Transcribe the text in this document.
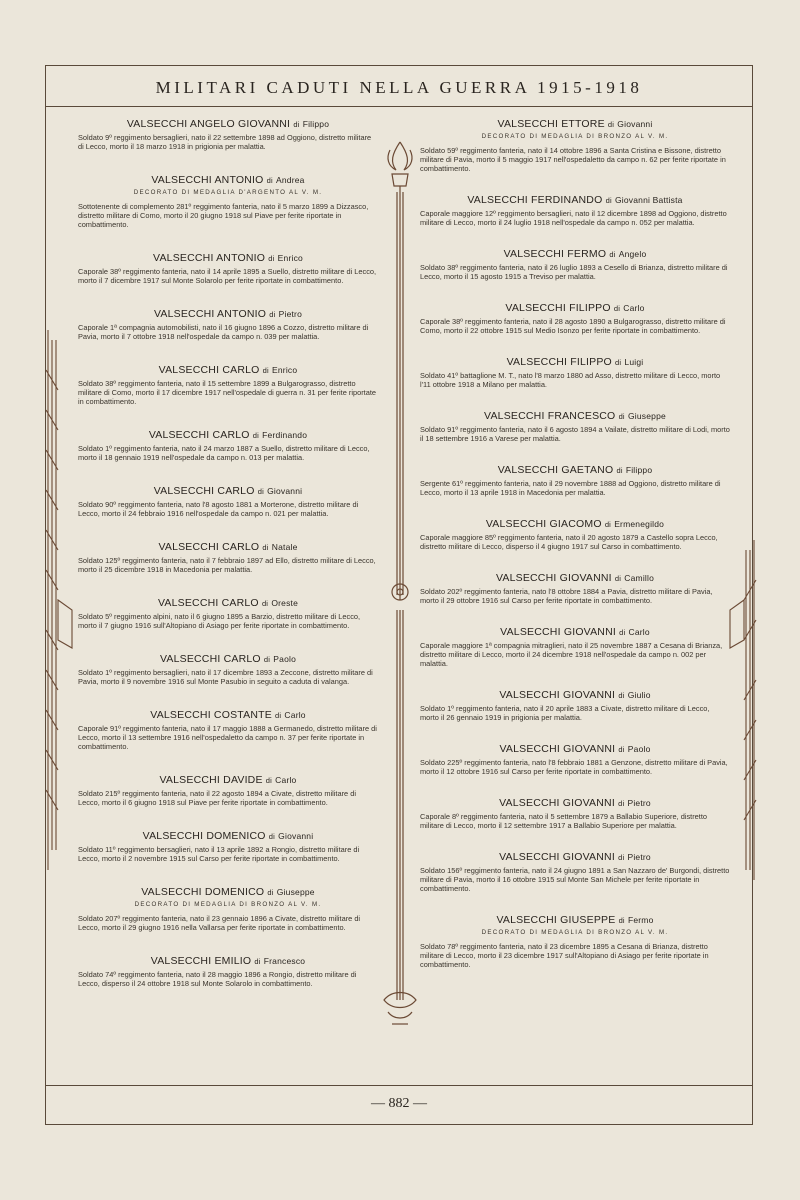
MILITARI CADUTI NELLA GUERRA 1915-1918
VALSECCHI ANGELO GIOVANNI di Filippo
Soldato 9º reggimento bersaglieri, nato il 22 settembre 1898 ad Oggiono, distretto militare di Lecco, morto il 18 marzo 1918 in prigionia per malattia.
VALSECCHI ANTONIO di Andrea
DECORATO DI MEDAGLIA D'ARGENTO AL V. M.
Sottotenente di complemento 281º reggimento fanteria, nato il 5 marzo 1899 a Dizzasco, distretto militare di Como, morto il 20 giugno 1918 sul Piave per ferite riportate in combattimento.
VALSECCHI ANTONIO di Enrico
Caporale 38º reggimento fanteria, nato il 14 aprile 1895 a Suello, distretto militare di Lecco, morto il 7 dicembre 1917 sul Monte Solarolo per ferite riportate in combattimento.
VALSECCHI ANTONIO di Pietro
Caporale 1ª compagnia automobilisti, nato il 16 giugno 1896 a Cozzo, distretto militare di Pavia, morto il 7 ottobre 1918 nell'ospedale da campo n. 039 per malattia.
VALSECCHI CARLO di Enrico
Soldato 38º reggimento fanteria, nato il 15 settembre 1899 a Bulgarograsso, distretto militare di Como, morto il 17 dicembre 1917 nell'ospedale di guerra n. 31 per ferite riportate in combattimento.
VALSECCHI CARLO di Ferdinando
Soldato 1º reggimento fanteria, nato il 24 marzo 1887 a Suello, distretto militare di Lecco, morto il 18 gennaio 1919 nell'ospedale da campo n. 013 per malattia.
VALSECCHI CARLO di Giovanni
Soldato 90º reggimento fanteria, nato l'8 agosto 1881 a Morterone, distretto militare di Lecco, morto il 24 febbraio 1916 nell'ospedale da campo n. 021 per malattia.
VALSECCHI CARLO di Natale
Soldato 125º reggimento fanteria, nato il 7 febbraio 1897 ad Ello, distretto militare di Lecco, morto il 25 dicembre 1918 in Macedonia per malattia.
VALSECCHI CARLO di Oreste
Soldato 5º reggimento alpini, nato il 6 giugno 1895 a Barzio, distretto militare di Lecco, morto il 7 giugno 1916 sull'Altopiano di Asiago per ferite riportate in combattimento.
VALSECCHI CARLO di Paolo
Soldato 1º reggimento bersaglieri, nato il 17 dicembre 1893 a Zeccone, distretto militare di Pavia, morto il 9 novembre 1916 sul Monte Pasubio in seguito a caduta di valanga.
VALSECCHI COSTANTE di Carlo
Caporale 91º reggimento fanteria, nato il 17 maggio 1888 a Germanedo, distretto militare di Lecco, morto il 13 settembre 1916 nell'ospedaletto da campo n. 37 per ferite riportate in combattimento.
VALSECCHI DAVIDE di Carlo
Soldato 215º reggimento fanteria, nato il 22 agosto 1894 a Civate, distretto militare di Lecco, morto il 6 giugno 1918 sul Piave per ferite riportate in combattimento.
VALSECCHI DOMENICO di Giovanni
Soldato 11º reggimento bersaglieri, nato il 13 aprile 1892 a Rongio, distretto militare di Lecco, morto il 2 novembre 1915 sul Carso per ferite riportate in combattimento.
VALSECCHI DOMENICO di Giuseppe
DECORATO DI MEDAGLIA DI BRONZO AL V. M.
Soldato 207º reggimento fanteria, nato il 23 gennaio 1896 a Civate, distretto militare di Lecco, morto il 29 giugno 1916 nella Vallarsa per ferite riportate in combattimento.
VALSECCHI EMILIO di Francesco
Soldato 74º reggimento fanteria, nato il 28 maggio 1896 a Rongio, distretto militare di Lecco, disperso il 24 ottobre 1918 sul Monte Solarolo in combattimento.
VALSECCHI ETTORE di Giovanni
DECORATO DI MEDAGLIA DI BRONZO AL V. M.
Soldato 59º reggimento fanteria, nato il 14 ottobre 1896 a Santa Cristina e Bissone, distretto militare di Pavia, morto il 5 maggio 1917 nell'ospedaletto da campo n. 62 per ferite riportate in combattimento.
VALSECCHI FERDINANDO di Giovanni Battista
Caporale maggiore 12º reggimento bersaglieri, nato il 12 dicembre 1898 ad Oggiono, distretto militare di Lecco, morto il 24 luglio 1918 nell'ospedale da campo n. 052 per malattia.
VALSECCHI FERMO di Angelo
Soldato 38º reggimento fanteria, nato il 26 luglio 1893 a Cesello di Brianza, distretto militare di Lecco, morto il 15 agosto 1915 a Treviso per malattia.
VALSECCHI FILIPPO di Carlo
Caporale 38º reggimento fanteria, nato il 28 agosto 1890 a Bulgarograsso, distretto militare di Como, morto il 22 ottobre 1915 sul Medio Isonzo per ferite riportate in combattimento.
VALSECCHI FILIPPO di Luigi
Soldato 41º battaglione M. T., nato l'8 marzo 1880 ad Asso, distretto militare di Lecco, morto l'11 ottobre 1918 a Milano per malattia.
VALSECCHI FRANCESCO di Giuseppe
Soldato 91º reggimento fanteria, nato il 6 agosto 1894 a Vailate, distretto militare di Lodi, morto il 18 settembre 1916 a Varese per malattia.
VALSECCHI GAETANO di Filippo
Sergente 61º reggimento fanteria, nato il 29 novembre 1888 ad Oggiono, distretto militare di Lecco, morto il 13 aprile 1918 in Macedonia per malattia.
VALSECCHI GIACOMO di Ermenegildo
Caporale maggiore 85º reggimento fanteria, nato il 20 agosto 1879 a Castello sopra Lecco, distretto militare di Lecco, disperso il 4 giugno 1917 sul Carso in combattimento.
VALSECCHI GIOVANNI di Camillo
Soldato 202º reggimento fanteria, nato l'8 ottobre 1884 a Pavia, distretto militare di Pavia, morto il 29 ottobre 1916 sul Carso per ferite riportate in combattimento.
VALSECCHI GIOVANNI di Carlo
Caporale maggiore 1ª compagnia mitraglieri, nato il 25 novembre 1887 a Cesana di Brianza, distretto militare di Lecco, morto il 24 dicembre 1918 nell'ospedale da campo n. 002 per malattia.
VALSECCHI GIOVANNI di Giulio
Soldato 1º reggimento fanteria, nato il 20 aprile 1883 a Civate, distretto militare di Lecco, morto il 26 gennaio 1919 in prigionia per malattia.
VALSECCHI GIOVANNI di Paolo
Soldato 225º reggimento fanteria, nato l'8 febbraio 1881 a Genzone, distretto militare di Pavia, morto il 12 ottobre 1916 sul Carso per ferite riportate in combattimento.
VALSECCHI GIOVANNI di Pietro
Caporale 8º reggimento fanteria, nato il 5 settembre 1879 a Ballabio Superiore, distretto militare di Lecco, morto il 12 settembre 1917 a Ballabio Superiore per malattia.
VALSECCHI GIOVANNI di Pietro
Soldato 156º reggimento fanteria, nato il 24 giugno 1891 a San Nazzaro de' Burgondi, distretto militare di Pavia, morto il 16 ottobre 1915 sul Monte San Michele per ferite riportate in combattimento.
VALSECCHI GIUSEPPE di Fermo
DECORATO DI MEDAGLIA DI BRONZO AL V. M.
Soldato 78º reggimento fanteria, nato il 23 dicembre 1895 a Cesana di Brianza, distretto militare di Lecco, morto il 23 dicembre 1917 sull'Altopiano di Asiago per ferite riportate in combattimento.
— 882 —
